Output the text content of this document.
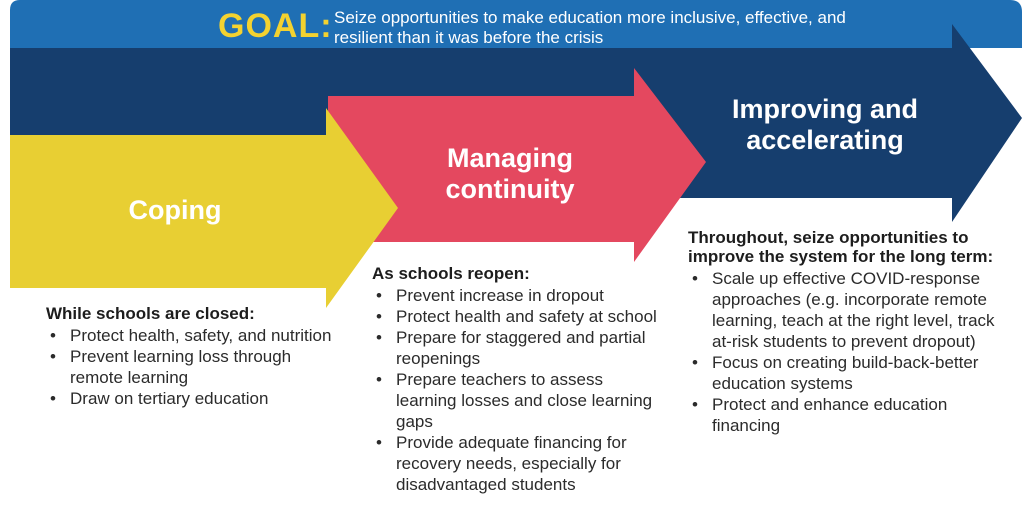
GOAL: Seize opportunities to make education more inclusive, effective, and resilient than it was before the crisis
Coping
Managing continuity
Improving and accelerating
While schools are closed:
• Protect health, safety, and nutrition
• Prevent learning loss through remote learning
• Draw on tertiary education
As schools reopen:
• Prevent increase in dropout
• Protect health and safety at school
• Prepare for staggered and partial reopenings
• Prepare teachers to assess learning losses and close learning gaps
• Provide adequate financing for recovery needs, especially for disadvantaged students
Throughout, seize opportunities to improve the system for the long term:
• Scale up effective COVID-response approaches (e.g. incorporate remote learning, teach at the right level, track at-risk students to prevent dropout)
• Focus on creating build-back-better education systems
• Protect and enhance education financing
